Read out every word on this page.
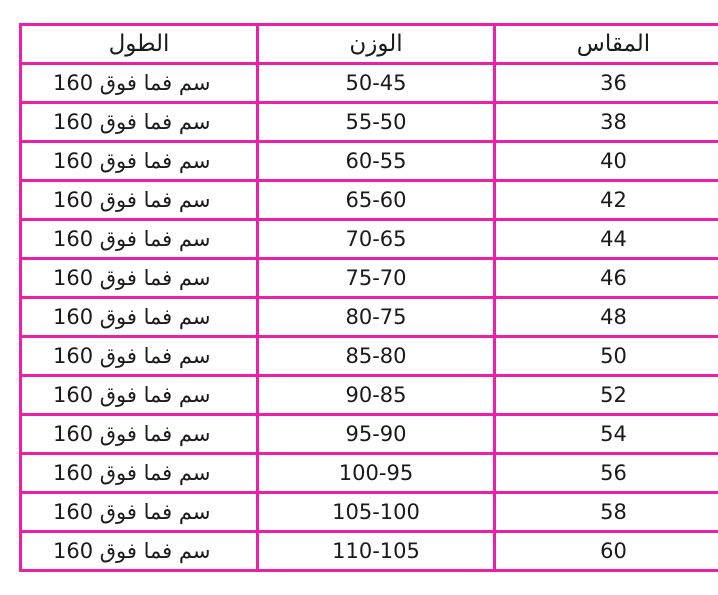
الطول	الوزن	المقاس
160 سم فما فوق	50-45	36
160 سم فما فوق	55-50	38
160 سم فما فوق	60-55	40
160 سم فما فوق	65-60	42
160 سم فما فوق	70-65	44
160 سم فما فوق	75-70	46
160 سم فما فوق	80-75	48
160 سم فما فوق	85-80	50
160 سم فما فوق	90-85	52
160 سم فما فوق	95-90	54
160 سم فما فوق	100-95	56
160 سم فما فوق	105-100	58
160 سم فما فوق	110-105	60
